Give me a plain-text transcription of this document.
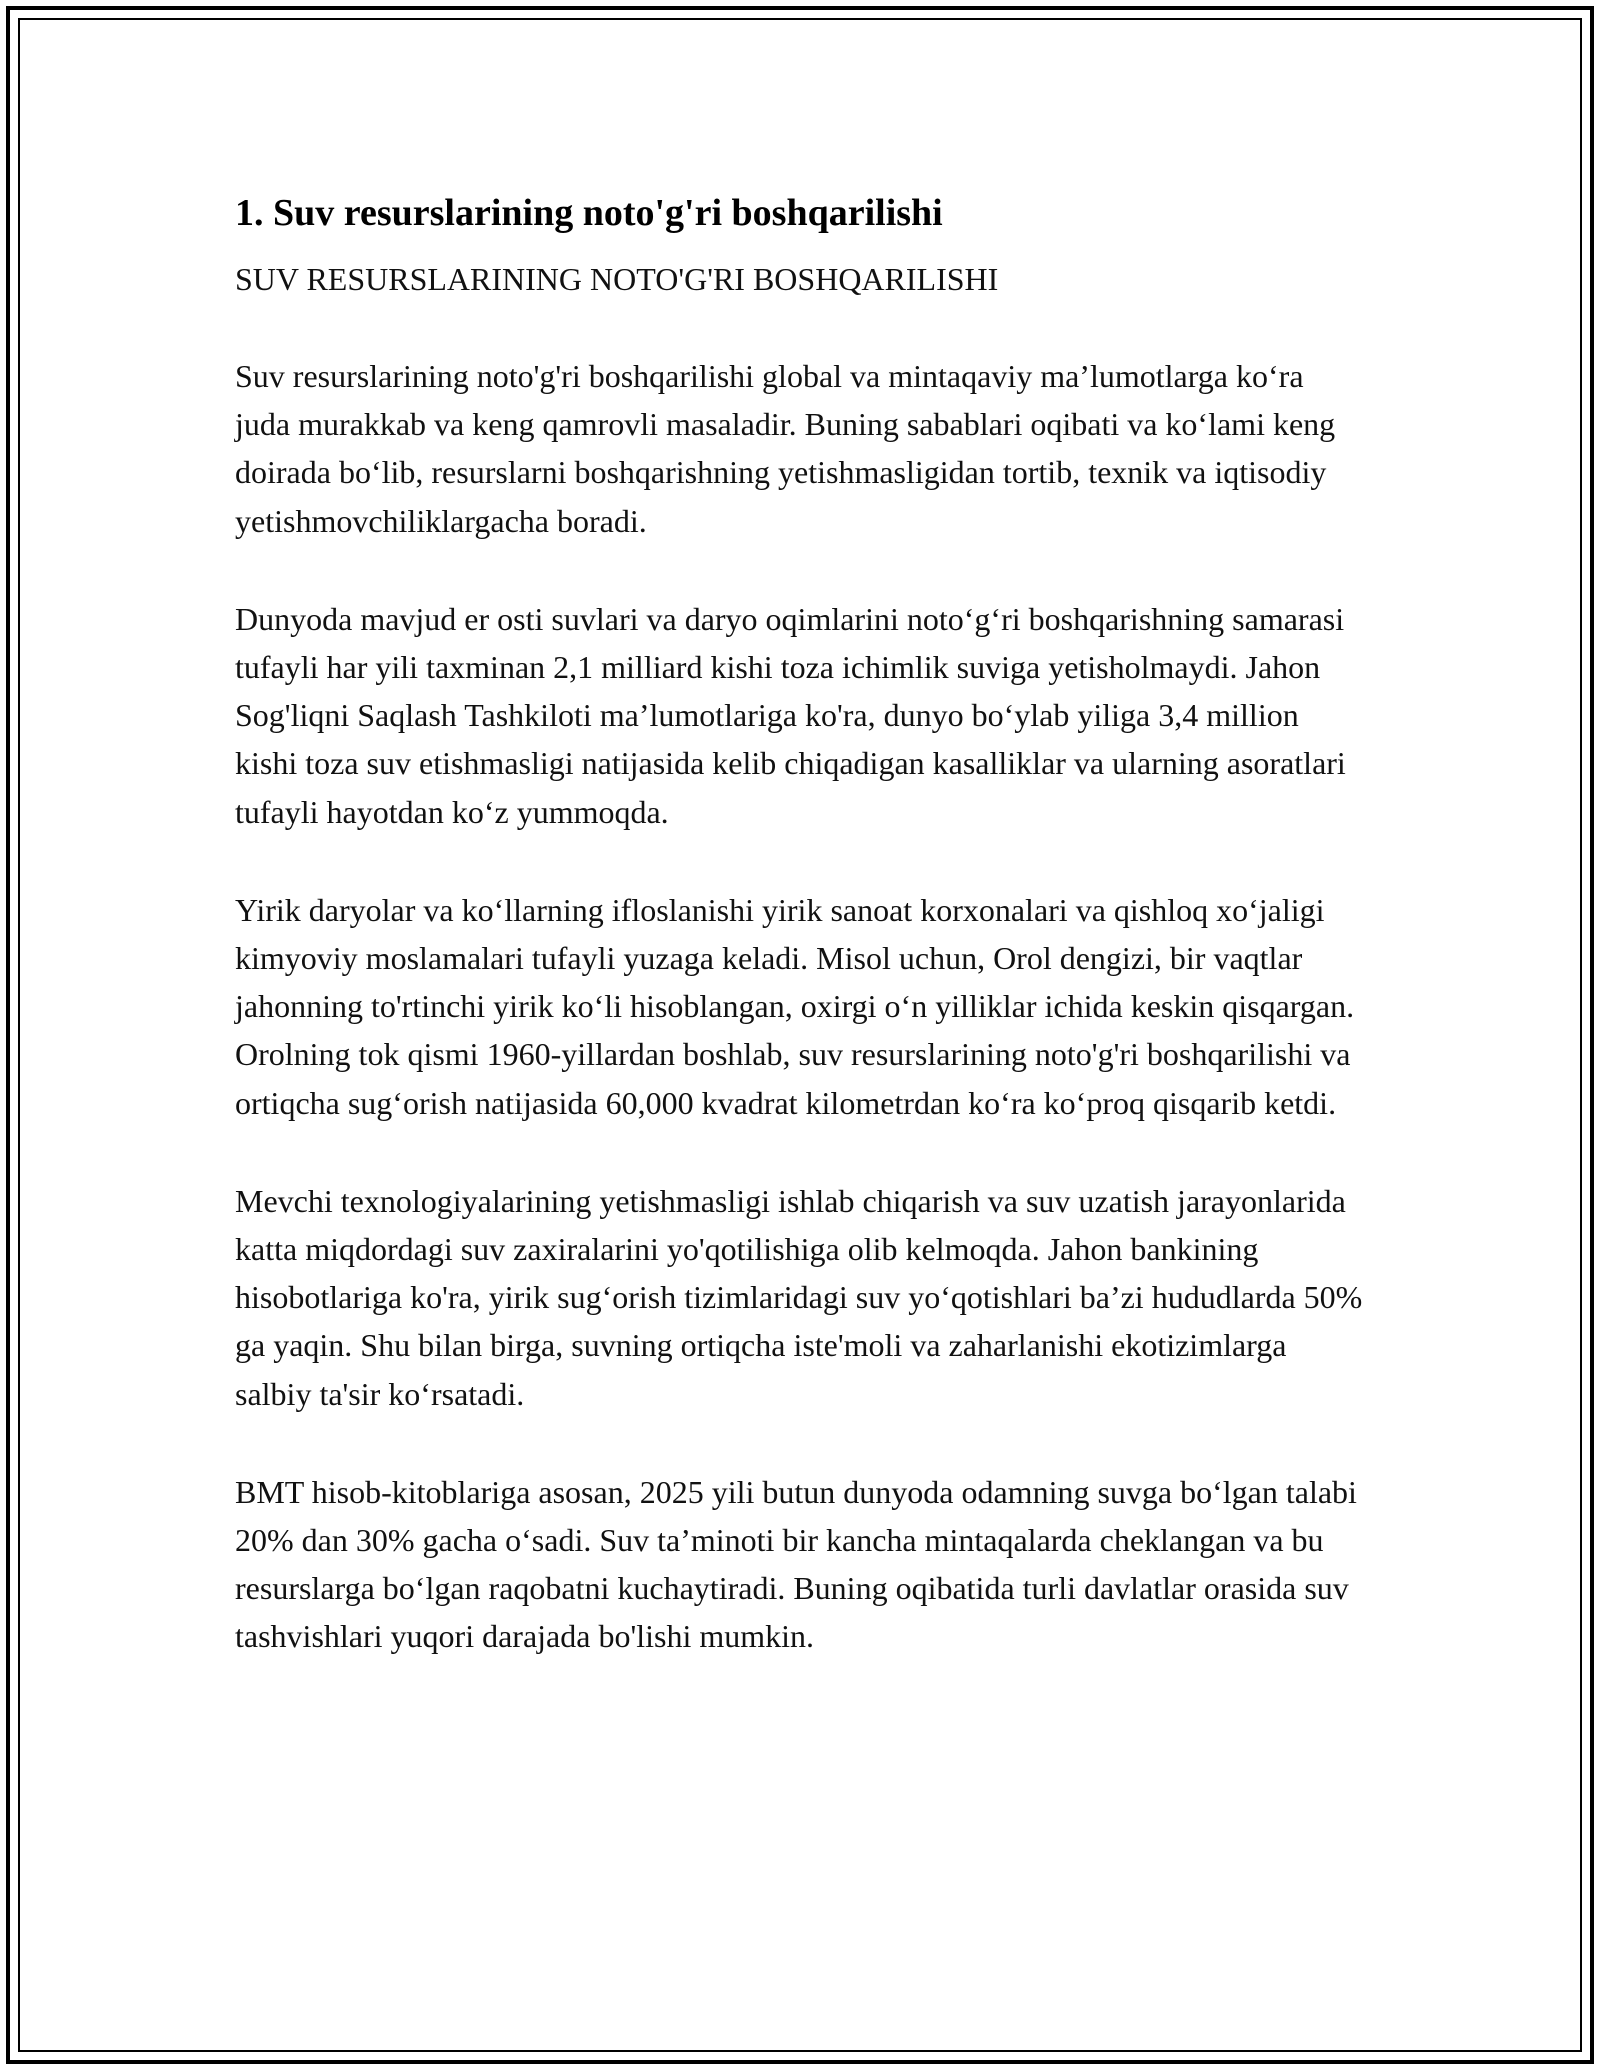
1. Suv resurslarining noto'g'ri boshqarilishi

SUV RESURSLARINING NOTO'G'RI BOSHQARILISHI

Suv resurslarining noto'g'ri boshqarilishi global va mintaqaviy ma’lumotlarga ko‘ra juda murakkab va keng qamrovli masaladir. Buning sabablari oqibati va ko‘lami keng doirada bo‘lib, resurslarni boshqarishning yetishmasligidan tortib, texnik va iqtisodiy yetishmovchiliklargacha boradi.

Dunyoda mavjud er osti suvlari va daryo oqimlarini noto‘g‘ri boshqarishning samarasi tufayli har yili taxminan 2,1 milliard kishi toza ichimlik suviga yetisholmaydi. Jahon Sog'liqni Saqlash Tashkiloti ma’lumotlariga ko'ra, dunyo bo‘ylab yiliga 3,4 million kishi toza suv etishmasligi natijasida kelib chiqadigan kasalliklar va ularning asoratlari tufayli hayotdan ko‘z yummoqda.

Yirik daryolar va ko‘llarning ifloslanishi yirik sanoat korxonalari va qishloq xo‘jaligi kimyoviy moslamalari tufayli yuzaga keladi. Misol uchun, Orol dengizi, bir vaqtlar jahonning to'rtinchi yirik ko‘li hisoblangan, oxirgi o‘n yilliklar ichida keskin qisqargan. Orolning tok qismi 1960-yillardan boshlab, suv resurslarining noto'g'ri boshqarilishi va ortiqcha sug‘orish natijasida 60,000 kvadrat kilometrdan ko‘ra ko‘proq qisqarib ketdi.

Mevchi texnologiyalarining yetishmasligi ishlab chiqarish va suv uzatish jarayonlarida katta miqdordagi suv zaxiralarini yo'qotilishiga olib kelmoqda. Jahon bankining hisobotlariga ko'ra, yirik sug‘orish tizimlaridagi suv yo‘qotishlari ba’zi hududlarda 50% ga yaqin. Shu bilan birga, suvning ortiqcha iste'moli va zaharlanishi ekotizimlarga salbiy ta'sir ko‘rsatadi.

BMT hisob-kitoblariga asosan, 2025 yili butun dunyoda odamning suvga bo‘lgan talabi 20% dan 30% gacha o‘sadi. Suv ta’minoti bir kancha mintaqalarda cheklangan va bu resurslarga bo‘lgan raqobatni kuchaytiradi. Buning oqibatida turli davlatlar orasida suv tashvishlari yuqori darajada bo'lishi mumkin.
